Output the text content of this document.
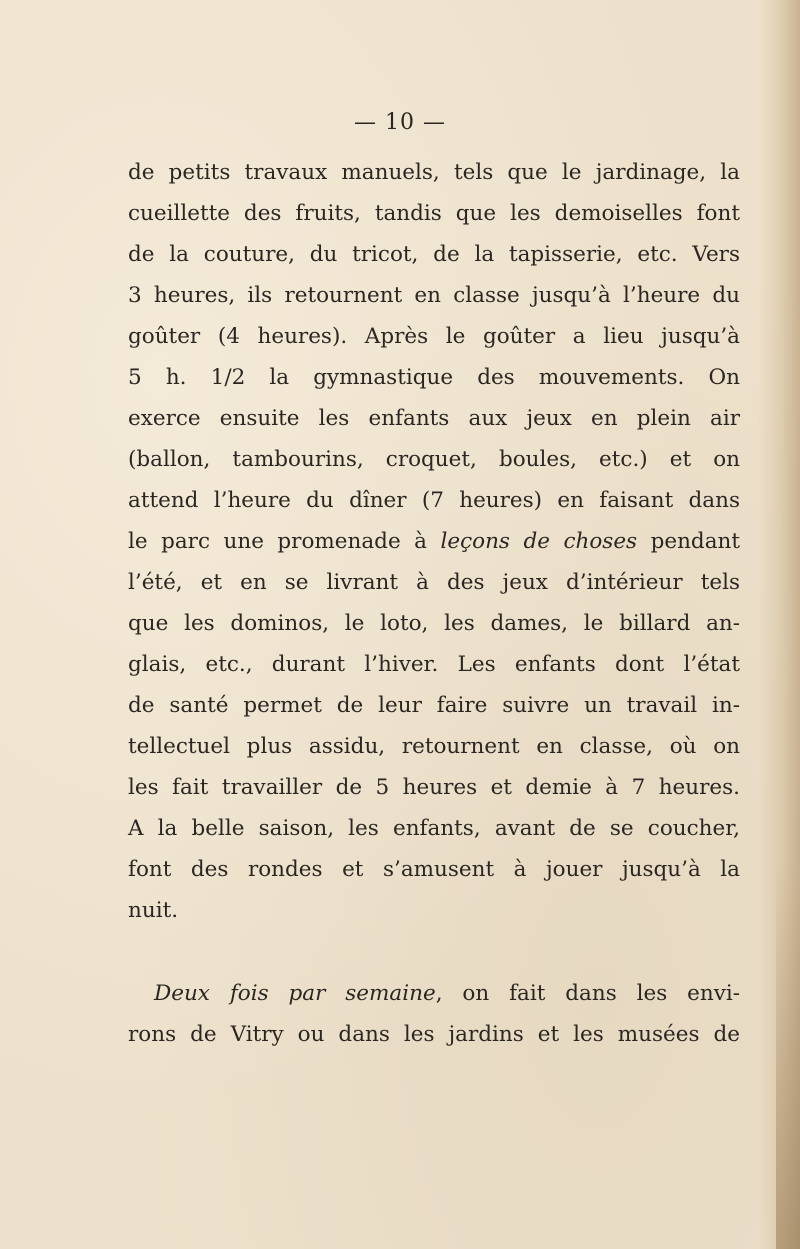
— 10 —
de petits travaux manuels, tels que le jardinage, la
cueillette des fruits, tandis que les demoiselles font
de la couture, du tricot, de la tapisserie, etc. Vers
3 heures, ils retournent en classe jusqu’à l’heure du
goûter (4 heures). Après le goûter a lieu jusqu’à
5 h. 1/2 la gymnastique des mouvements. On
exerce ensuite les enfants aux jeux en plein air
(ballon, tambourins, croquet, boules, etc.) et on
attend l’heure du dîner (7 heures) en faisant dans
le parc une promenade à leçons de choses pendant
l’été, et en se livrant à des jeux d’intérieur tels
que les dominos, le loto, les dames, le billard an-
glais, etc., durant l’hiver. Les enfants dont l’état
de santé permet de leur faire suivre un travail in-
tellectuel plus assidu, retournent en classe, où on
les fait travailler de 5 heures et demie à 7 heures.
A la belle saison, les enfants, avant de se coucher,
font des rondes et s’amusent à jouer jusqu’à la
nuit.
Deux fois par semaine, on fait dans les envi-
rons de Vitry ou dans les jardins et les musées de
